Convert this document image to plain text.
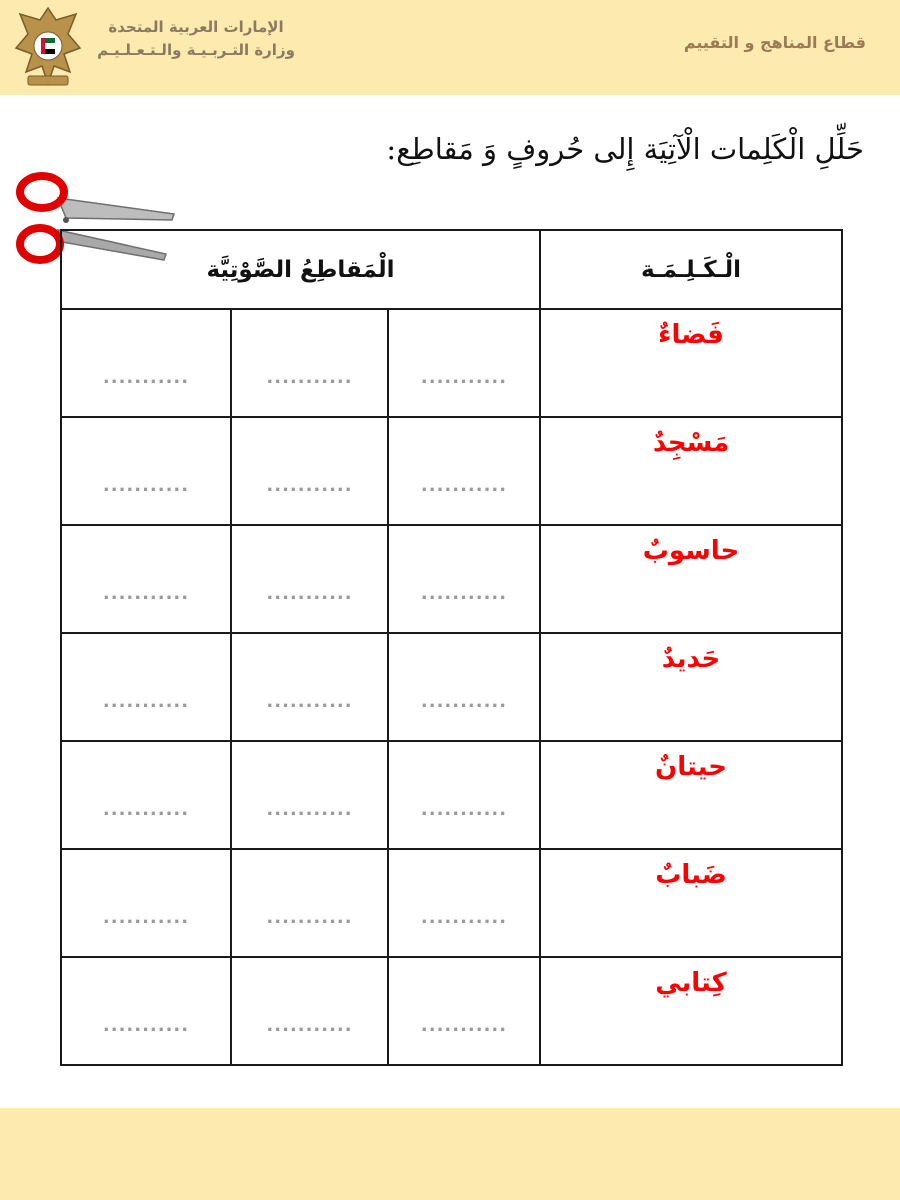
الإمارات العربية المتحدة
وزارة التـربـيـة والـتـعـلـيـم	قطاع المناهج و التقييم
حَلِّلِ الْكَلِمات الْآتِيَة إِلى حُروفٍ وَ مَقاطِع:
الْمَقاطِعُ الصَّوْتِيَّة			الْـكَـلِـمَـة

...........	...........	...........	فَضاءٌ

...........	...........	...........	مَسْجِدٌ

...........	...........	...........	حاسوبٌ

...........	...........	...........	حَديدٌ

...........	...........	...........	حيتانٌ

...........	...........	...........	ضَبابٌ

...........	...........	...........	كِتابي
